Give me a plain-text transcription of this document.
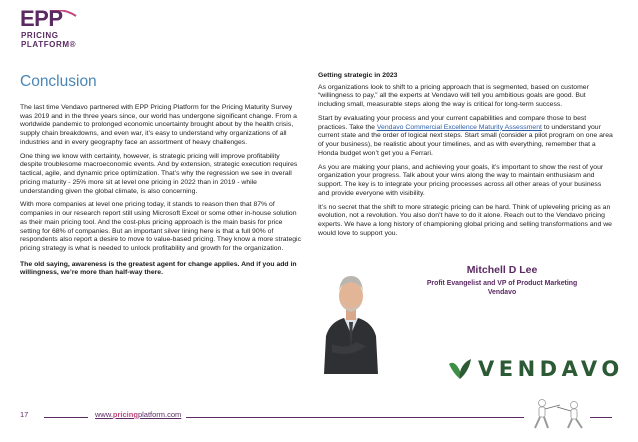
EPP
PRICING
PLATFORM®
Conclusion

The last time Vendavo partnered with EPP Pricing Platform for the Pricing Maturity Survey was 2019 and in the three years since, our world has undergone significant change. From a worldwide pandemic to prolonged economic uncertainty brought about by the health crisis, supply chain breakdowns, and even war, it’s easy to understand why organizations of all industries and in every geography face an assortment of heavy challenges.

One thing we know with certainty, however, is strategic pricing will improve profitability despite troublesome macroeconomic events. And by extension, strategic execution requires tactical, agile, and dynamic price optimization. That’s why the regression we see in overall pricing maturity - 25% more sit at level one pricing in 2022 than in 2019 - while understanding given the global climate, is also concerning.

With more companies at level one pricing today, it stands to reason then that 87% of companies in our research report still using Microsoft Excel or some other in-house solution as their main pricing tool. And the cost-plus pricing approach is the main basis for price setting for 68% of companies. But an important silver lining here is that a full 90% of respondents also report a desire to move to value-based pricing. They know a more strategic pricing strategy is what is needed to unlock profitability and growth for the organization.

The old saying, awareness is the greatest agent for change applies. And if you add in willingness, we’re more than half-way there.

Getting strategic in 2023

As organizations look to shift to a pricing approach that is segmented, based on customer “willingness to pay,” all the experts at Vendavo will tell you ambitious goals are good. But including small, measurable steps along the way is critical for long-term success.

Start by evaluating your process and your current capabilities and compare those to best practices. Take the Vendavo Commercial Excellence Maturity Assessment to understand your current state and the order of logical next steps. Start small (consider a pilot program on one area of your business), be realistic about your timelines, and as with everything, remember that a Honda budget won’t get you a Ferrari.

As you are making your plans, and achieving your goals, it’s important to show the rest of your organization your progress. Talk about your wins along the way to maintain enthusiasm and support. The key is to integrate your pricing processes across all other areas of your business and provide everyone with visibility.

It’s no secret that the shift to more strategic pricing can be hard. Think of upleveling pricing as an evolution, not a revolution. You also don’t have to do it alone. Reach out to the Vendavo pricing experts. We have a long history of championing global pricing and selling transformations and we would love to support you.

Mitchell D Lee
Profit Evangelist and VP of Product Marketing
Vendavo
VENDAVO
17	www.pricingplatform.com
